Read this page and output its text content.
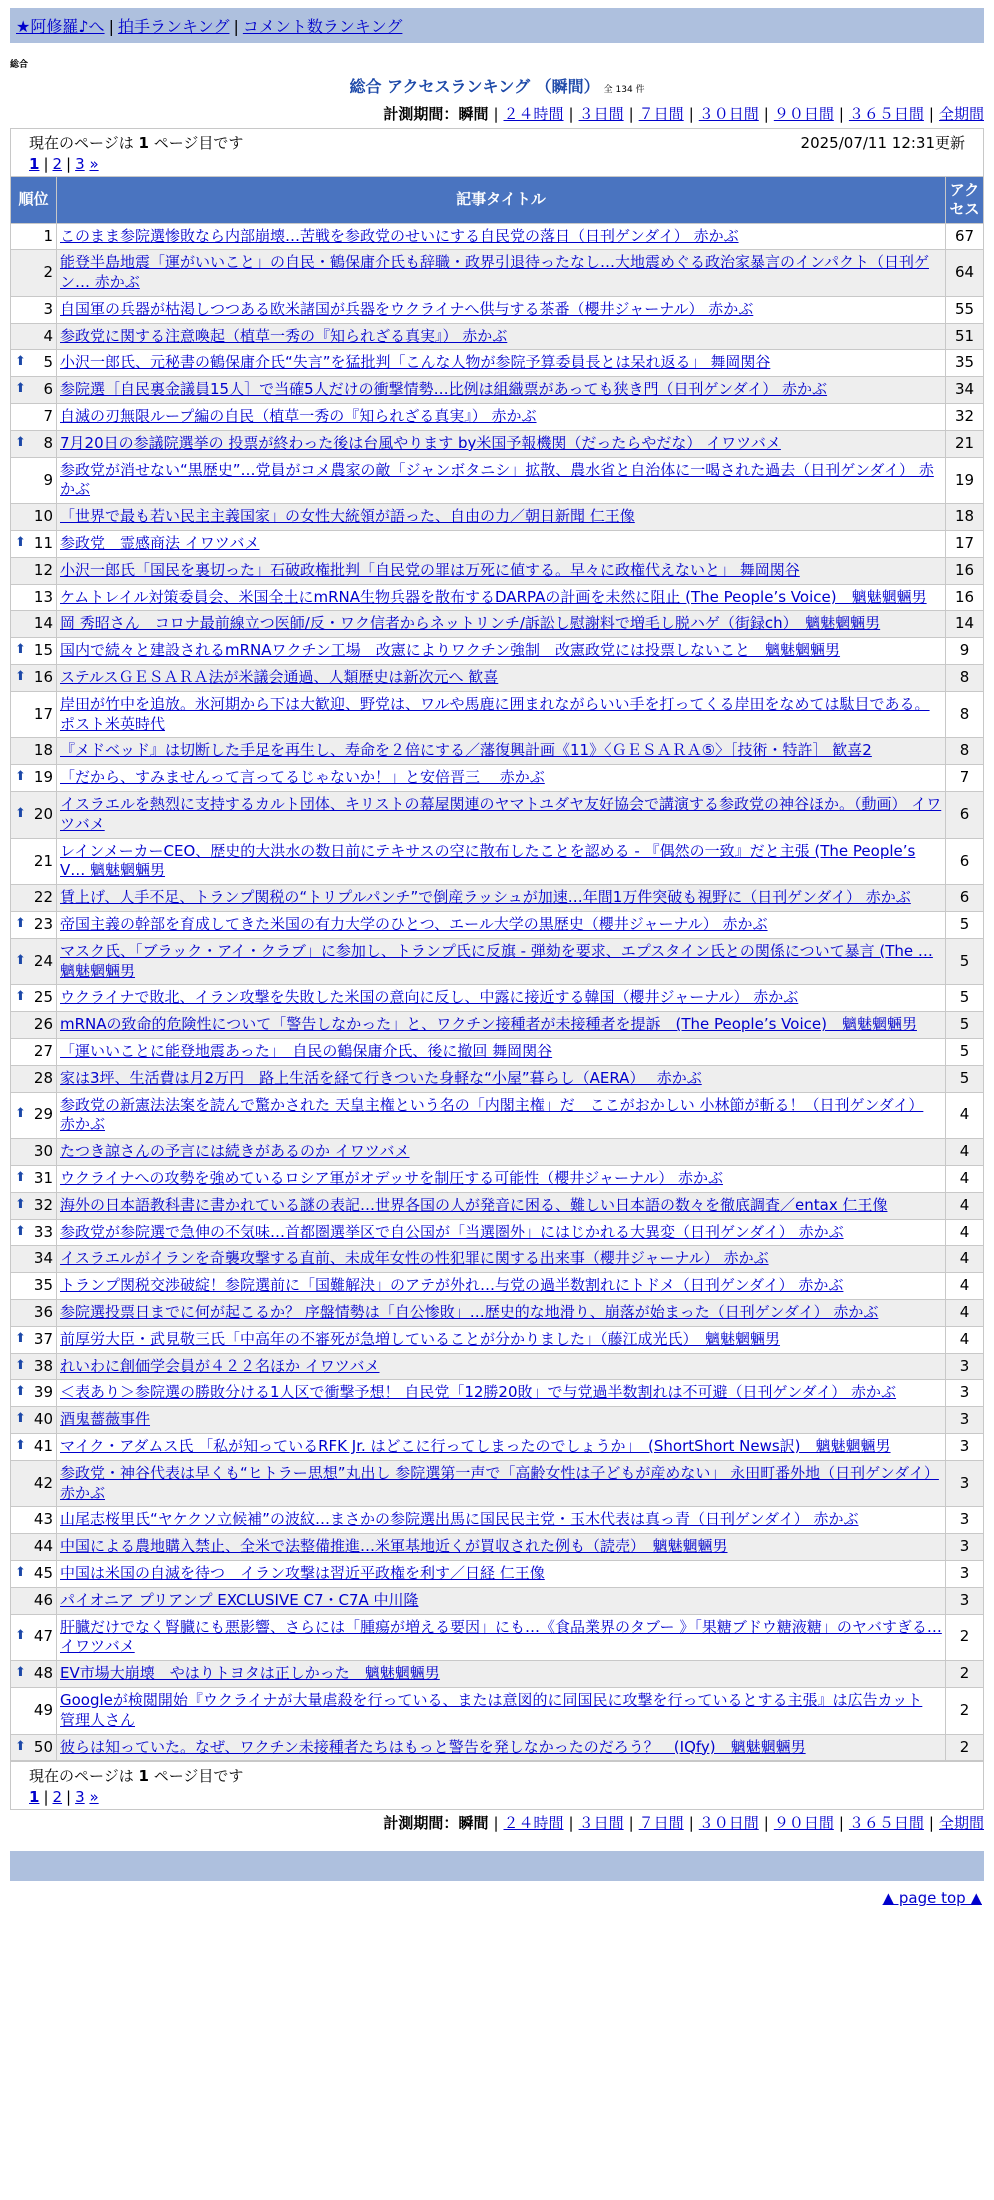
★阿修羅♪へ | 拍手ランキング | コメント数ランキング
総合
総合 アクセスランキング （瞬間） 全 134 件
計測期間：瞬間 | ２４時間 | ３日間 | ７日間 | ３０日間 | ９０日間 | ３６５日間 | 全期間
現在のページは 1 ページ目です	2025/07/11 12:31更新
1 | 2 | 3 »
順位	記事タイトル	アクセス
1	このまま参院選惨敗なら内部崩壊…苦戦を参政党のせいにする自民党の落日（日刊ゲンダイ） 赤かぶ	67
2	能登半島地震「運がいいこと」の自民・鶴保庸介氏も辞職・政界引退待ったなし…大地震めぐる政治家暴言のインパクト（日刊ゲン… 赤かぶ	64
3	自国軍の兵器が枯渇しつつある欧米諸国が兵器をウクライナへ供与する茶番（櫻井ジャーナル） 赤かぶ	55
4	参政党に関する注意喚起（植草一秀の『知られざる真実』） 赤かぶ	51

⬆ 5	小沢一郎氏、元秘書の鶴保庸介氏“失言”を猛批判「こんな人物が参院予算委員長とは呆れ返る」 舞岡関谷	35

⬆ 6	参院選［自民裏金議員15人］で当確5人だけの衝撃情勢…比例は組織票があっても狭き門（日刊ゲンダイ） 赤かぶ	34
7	自滅の刃無限ループ編の自民（植草一秀の『知られざる真実』） 赤かぶ	32

⬆ 8	7月20日の参議院選挙の 投票が終わった後は台風やります by米国予報機関（だったらやだな） イワツバメ	21
9	参政党が消せない“黒歴史”…党員がコメ農家の敵「ジャンボタニシ」拡散、農水省と自治体に一喝された過去（日刊ゲンダイ） 赤かぶ	19
10	「世界で最も若い民主主義国家」の女性大統領が語った、自由の力／朝日新聞 仁王像	18

⬆ 11	参政党　霊感商法 イワツバメ	17
12	小沢一郎氏「国民を裏切った」石破政権批判「自民党の罪は万死に値する。早々に政権代えないと」 舞岡関谷	16
13	ケムトレイル対策委員会、米国全土にmRNA生物兵器を散布するDARPAの計画を未然に阻止 (The People’s Voice)　魑魅魍魎男	16
14	岡 秀昭さん　コロナ最前線立つ医師/反・ワク信者からネットリンチ/訴訟し慰謝料で増毛し脱ハゲ（街録ch）　魑魅魍魎男	14

⬆ 15	国内で続々と建設されるmRNAワクチン工場　改憲によりワクチン強制　改憲政党には投票しないこと　魑魅魍魎男	9

⬆ 16	ステルスＧＥＳＡＲＡ法が米議会通過、人類歴史は新次元へ 歓喜	8
17	岸田が竹中を追放。氷河期から下は大歓迎、野党は、ワルや馬鹿に囲まれながらいい手を打ってくる岸田をなめては駄目である。 ポスト米英時代	8
18	『メドベッド』は切断した手足を再生し、寿命を２倍にする／藩復興計画《11》〈ＧＥＳＡＲＡ⑤〉［技術・特許］ 歓喜2	8

⬆ 19	「だから、すみませんって言ってるじゃないか！」と安倍晋三　 赤かぶ	7

⬆ 20	イスラエルを熱烈に支持するカルト団体、キリストの幕屋関連のヤマトユダヤ友好協会で講演する参政党の神谷ほか。（動画） イワツバメ	6
21	レインメーカーCEO、歴史的大洪水の数日前にテキサスの空に散布したことを認める - 『偶然の一致』だと主張 (The People’s V… 魑魅魍魎男	6
22	賃上げ、人手不足、トランプ関税の“トリプルパンチ”で倒産ラッシュが加速…年間1万件突破も視野に（日刊ゲンダイ） 赤かぶ	6

⬆ 23	帝国主義の幹部を育成してきた米国の有力大学のひとつ、エール大学の黒歴史（櫻井ジャーナル） 赤かぶ	5

⬆ 24	マスク氏、「ブラック・アイ・クラブ」に参加し、トランプ氏に反旗 - 弾劾を要求、エプスタイン氏との関係について暴言 (The … 魑魅魍魎男	5

⬆ 25	ウクライナで敗北、イラン攻撃を失敗した米国の意向に反し、中露に接近する韓国（櫻井ジャーナル） 赤かぶ	5
26	mRNAの致命的危険性について「警告しなかった」と、ワクチン接種者が未接種者を提訴　(The People’s Voice)　魑魅魍魎男	5
27	「運いいことに能登地震あった」　自民の鶴保庸介氏、後に撤回 舞岡関谷	5
28	家は3坪、生活費は月2万円　路上生活を経て行きついた身軽な“小屋”暮らし（AERA）　 赤かぶ	5

⬆ 29	参政党の新憲法法案を読んで驚かされた 天皇主権という名の「内閣主権」だ　ここがおかしい 小林節が斬る！（日刊ゲンダイ） 赤かぶ	4
30	たつき諒さんの予言には続きがあるのか イワツバメ	4

⬆ 31	ウクライナへの攻勢を強めているロシア軍がオデッサを制圧する可能性（櫻井ジャーナル） 赤かぶ	4

⬆ 32	海外の日本語教科書に書かれている謎の表記…世界各国の人が発音に困る、難しい日本語の数々を徹底調査／entax 仁王像	4

⬆ 33	参政党が参院選で急伸の不気味…首都圏選挙区で自公国が「当選圏外」にはじかれる大異変（日刊ゲンダイ） 赤かぶ	4
34	イスラエルがイランを奇襲攻撃する直前、未成年女性の性犯罪に関する出来事（櫻井ジャーナル） 赤かぶ	4
35	トランプ関税交渉破綻！参院選前に「国難解決」のアテが外れ…与党の過半数割れにトドメ（日刊ゲンダイ） 赤かぶ	4
36	参院選投票日までに何が起こるか？ 序盤情勢は「自公惨敗」…歴史的な地滑り、崩落が始まった（日刊ゲンダイ） 赤かぶ	4

⬆ 37	前厚労大臣・武見敬三氏「中高年の不審死が急増していることが分かりました」（藤江成光氏）　魑魅魍魎男	4

⬆ 38	れいわに創価学会員が４２２名ほか イワツバメ	3

⬆ 39	＜表あり＞参院選の勝敗分ける1人区で衝撃予想！ 自民党「12勝20敗」で与党過半数割れは不可避（日刊ゲンダイ） 赤かぶ	3

⬆ 40	酒鬼薔薇事件	3

⬆ 41	マイク・アダムス氏 「私が知っているRFK Jr. はどこに行ってしまったのでしょうか」　(ShortShort News訳)　魑魅魍魎男	3
42	参政党・神谷代表は早くも“ヒトラー思想”丸出し 参院選第一声で「高齢女性は子どもが産めない」 永田町番外地（日刊ゲンダイ） 赤かぶ	3
43	山尾志桜里氏“ヤケクソ立候補”の波紋…まさかの参院選出馬に国民民主党・玉木代表は真っ青（日刊ゲンダイ） 赤かぶ	3
44	中国による農地購入禁止、全米で法整備推進…米軍基地近くが買収された例も（読売）　魑魅魍魎男	3

⬆ 45	中国は米国の自滅を待つ　イラン攻撃は習近平政権を利す／日経 仁王像	3
46	パイオニア プリアンプ EXCLUSIVE C7・C7A 中川隆	3

⬆ 47	肝臓だけでなく腎臓にも悪影響、さらには「腫瘍が増える要因」にも…《食品業界のタブー 》「果糖ブドウ糖液糖」のヤバすぎる… イワツバメ	2

⬆ 48	EV市場大崩壊　やはりトヨタは正しかった　魑魅魍魎男	2
49	Googleが検閲開始『ウクライナが大量虐殺を行っている、または意図的に同国民に攻撃を行っているとする主張』は広告カット 管理人さん	2

⬆ 50	彼らは知っていた。なぜ、ワクチン未接種者たちはもっと警告を発しなかったのだろう？　(IQfy)　魑魅魍魎男	2
現在のページは 1 ページ目です
1 | 2 | 3 »
計測期間：瞬間 | ２４時間 | ３日間 | ７日間 | ３０日間 | ９０日間 | ３６５日間 | 全期間
▲ page top ▲
